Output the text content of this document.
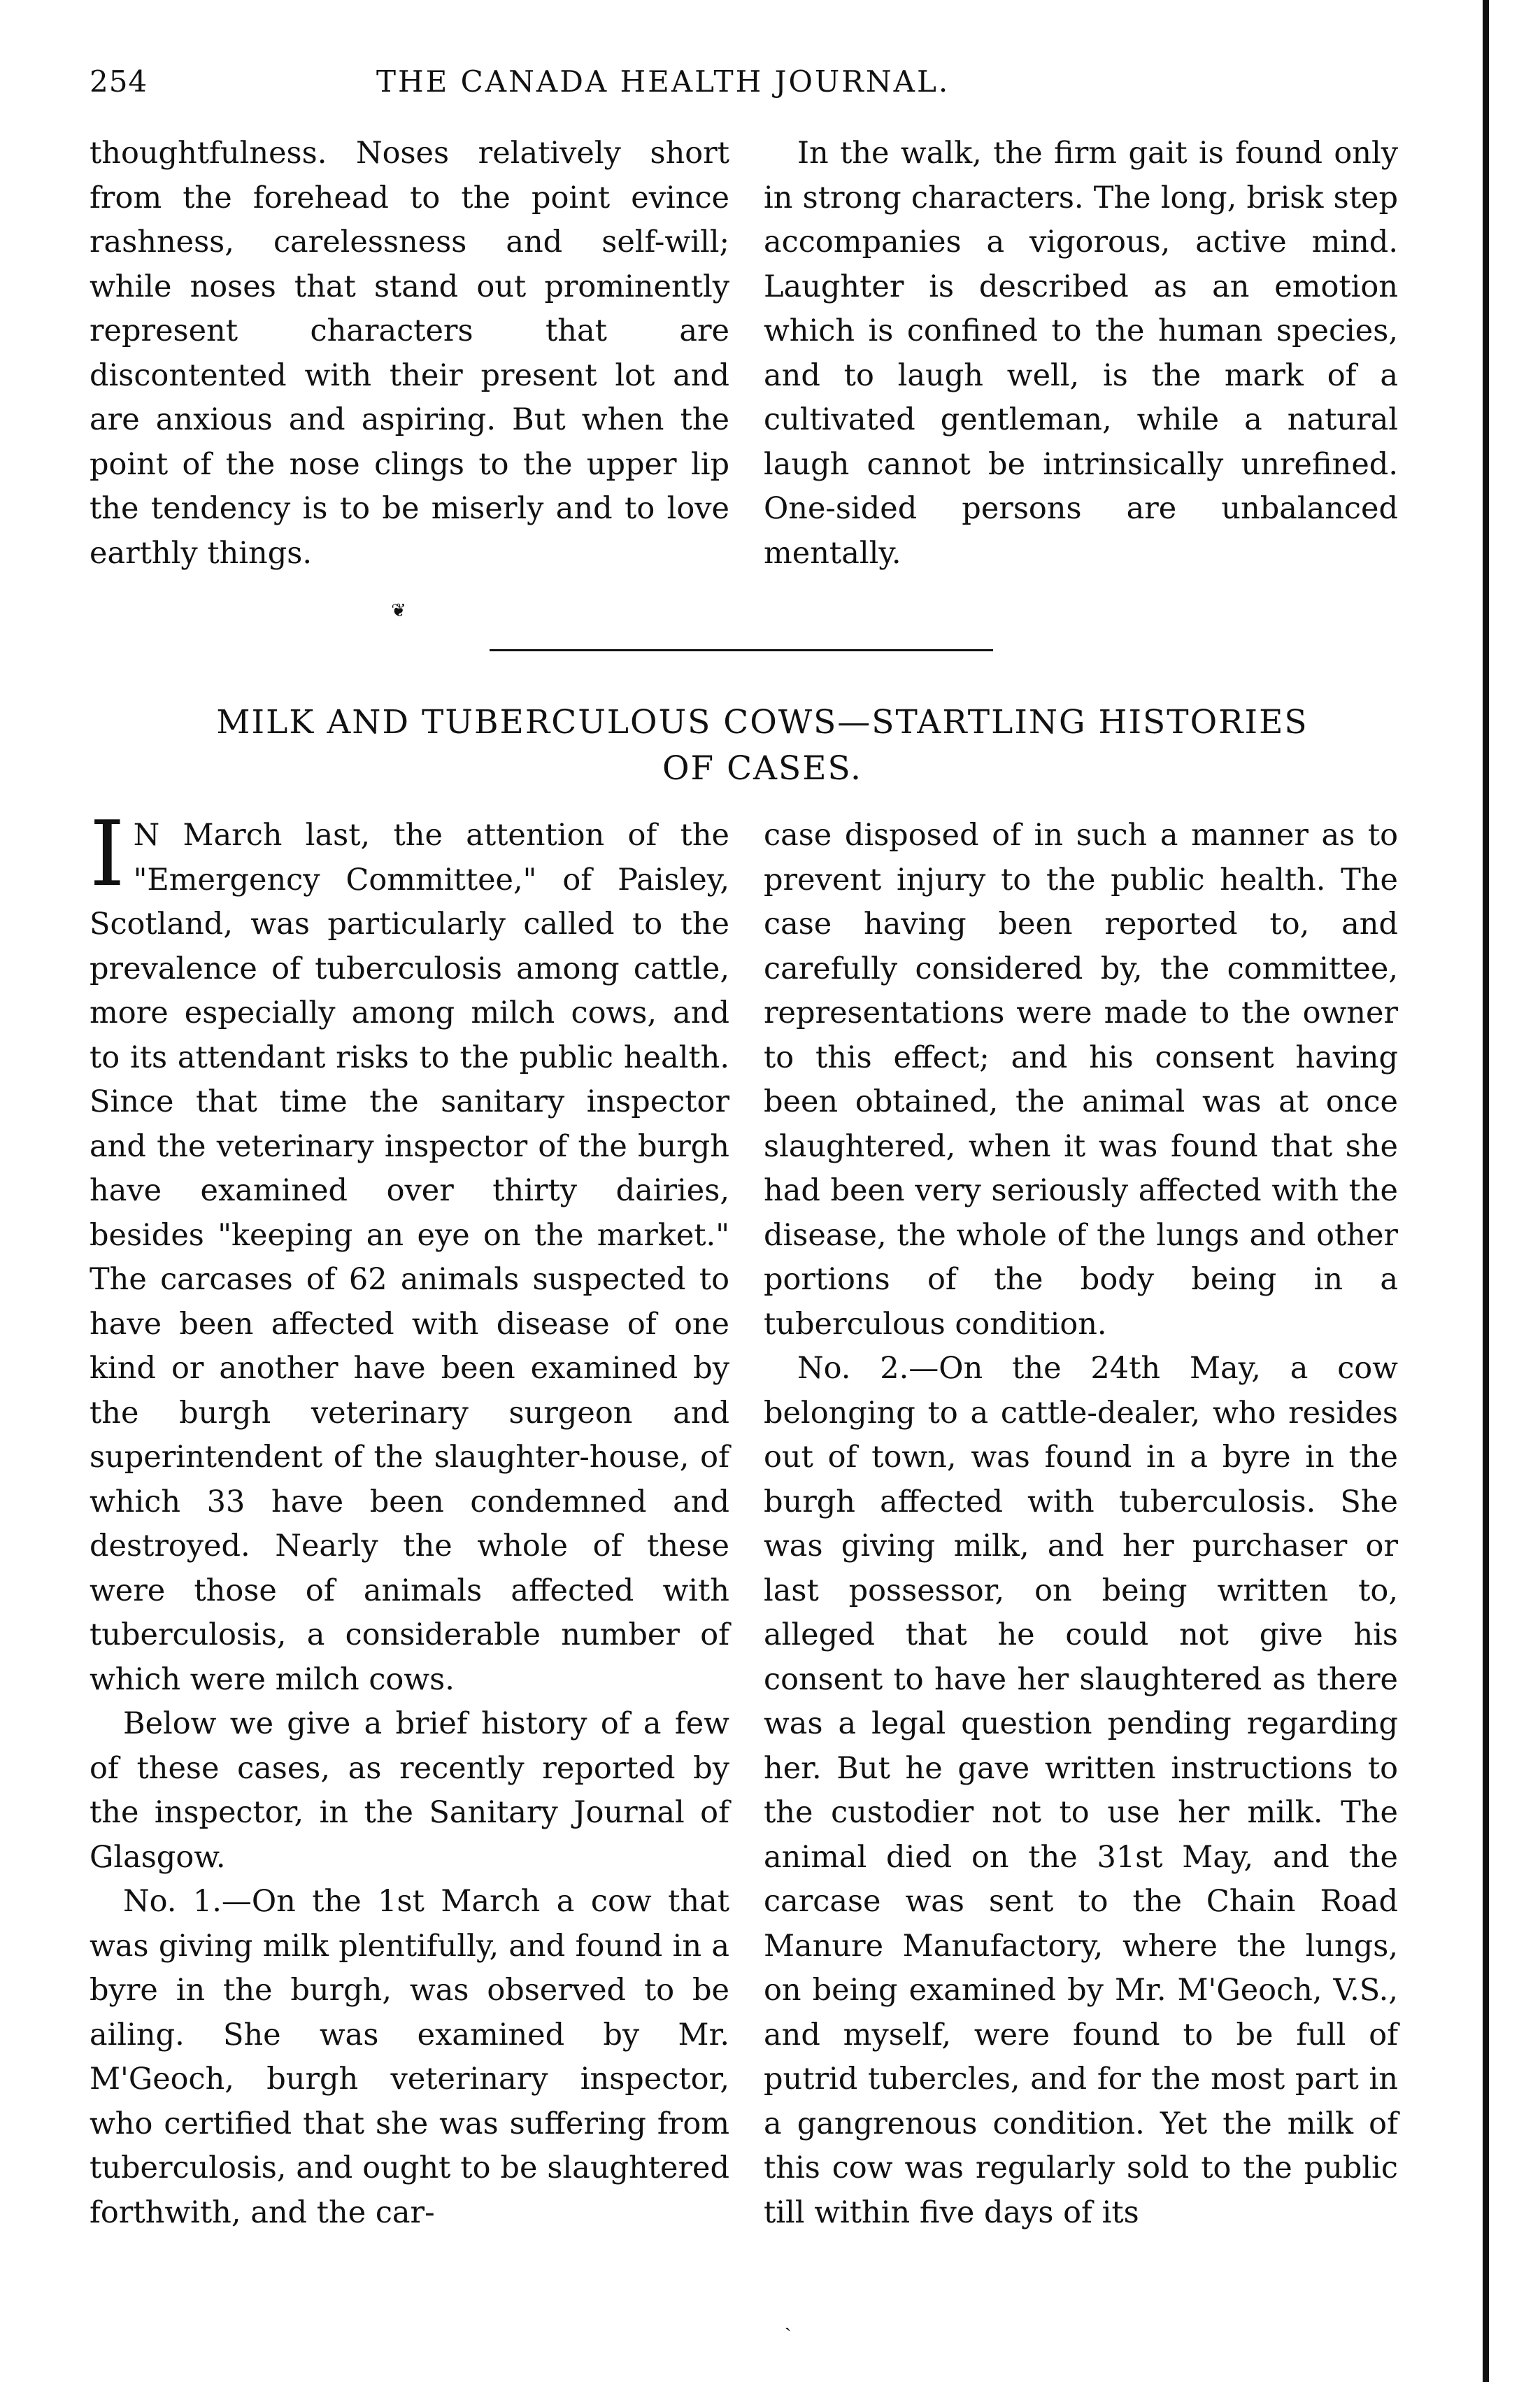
254	THE CANADA HEALTH JOURNAL.

thoughtfulness. Noses relatively short from the forehead to the point evince rashness, carelessness and self-will; while noses that stand out prominently represent characters that are discontented with their present lot and are anxious and aspiring. But when the point of the nose clings to the upper lip the tendency is to be miserly and to love earthly things.

In the walk, the firm gait is found only in strong characters. The long, brisk step accompanies a vigorous, active mind. Laughter is described as an emotion which is confined to the human species, and to laugh well, is the mark of a cultivated gentleman, while a natural laugh cannot be intrinsically unrefined. One-sided persons are unbalanced mentally.

❦
MILK AND TUBERCULOUS COWS—STARTLING HISTORIES
OF CASES.

I N March last, the attention of the "Emergency Committee," of Paisley, Scotland, was particularly called to the prevalence of tuberculosis among cattle, more especially among milch cows, and to its attendant risks to the public health. Since that time the sanitary inspector and the veterinary inspector of the burgh have examined over thirty dairies, besides "keeping an eye on the market." The carcases of 62 animals suspected to have been affected with disease of one kind or another have been examined by the burgh veterinary surgeon and superintendent of the slaughter-house, of which 33 have been condemned and destroyed. Nearly the whole of these were those of animals affected with tuberculosis, a considerable number of which were milch cows.

Below we give a brief history of a few of these cases, as recently reported by the inspector, in the Sanitary Journal of Glasgow.

No. 1.—On the 1st March a cow that was giving milk plentifully, and found in a byre in the burgh, was observed to be ailing. She was examined by Mr. M'Geoch, burgh veterinary inspector, who certified that she was suffering from tuberculosis, and ought to be slaughtered forthwith, and the car-

case disposed of in such a manner as to prevent injury to the public health. The case having been reported to, and carefully considered by, the committee, representations were made to the owner to this effect; and his consent having been obtained, the animal was at once slaughtered, when it was found that she had been very seriously affected with the disease, the whole of the lungs and other portions of the body being in a tuberculous condition.

No. 2.—On the 24th May, a cow belonging to a cattle-dealer, who resides out of town, was found in a byre in the burgh affected with tuberculosis. She was giving milk, and her purchaser or last possessor, on being written to, alleged that he could not give his consent to have her slaughtered as there was a legal question pending regarding her. But he gave written instructions to the custodier not to use her milk. The animal died on the 31st May, and the carcase was sent to the Chain Road Manure Manufactory, where the lungs, on being examined by Mr. M'Geoch, V.S., and myself, were found to be full of putrid tubercles, and for the most part in a gangrenous condition. Yet the milk of this cow was regularly sold to the public till within five days of its

ˎ
